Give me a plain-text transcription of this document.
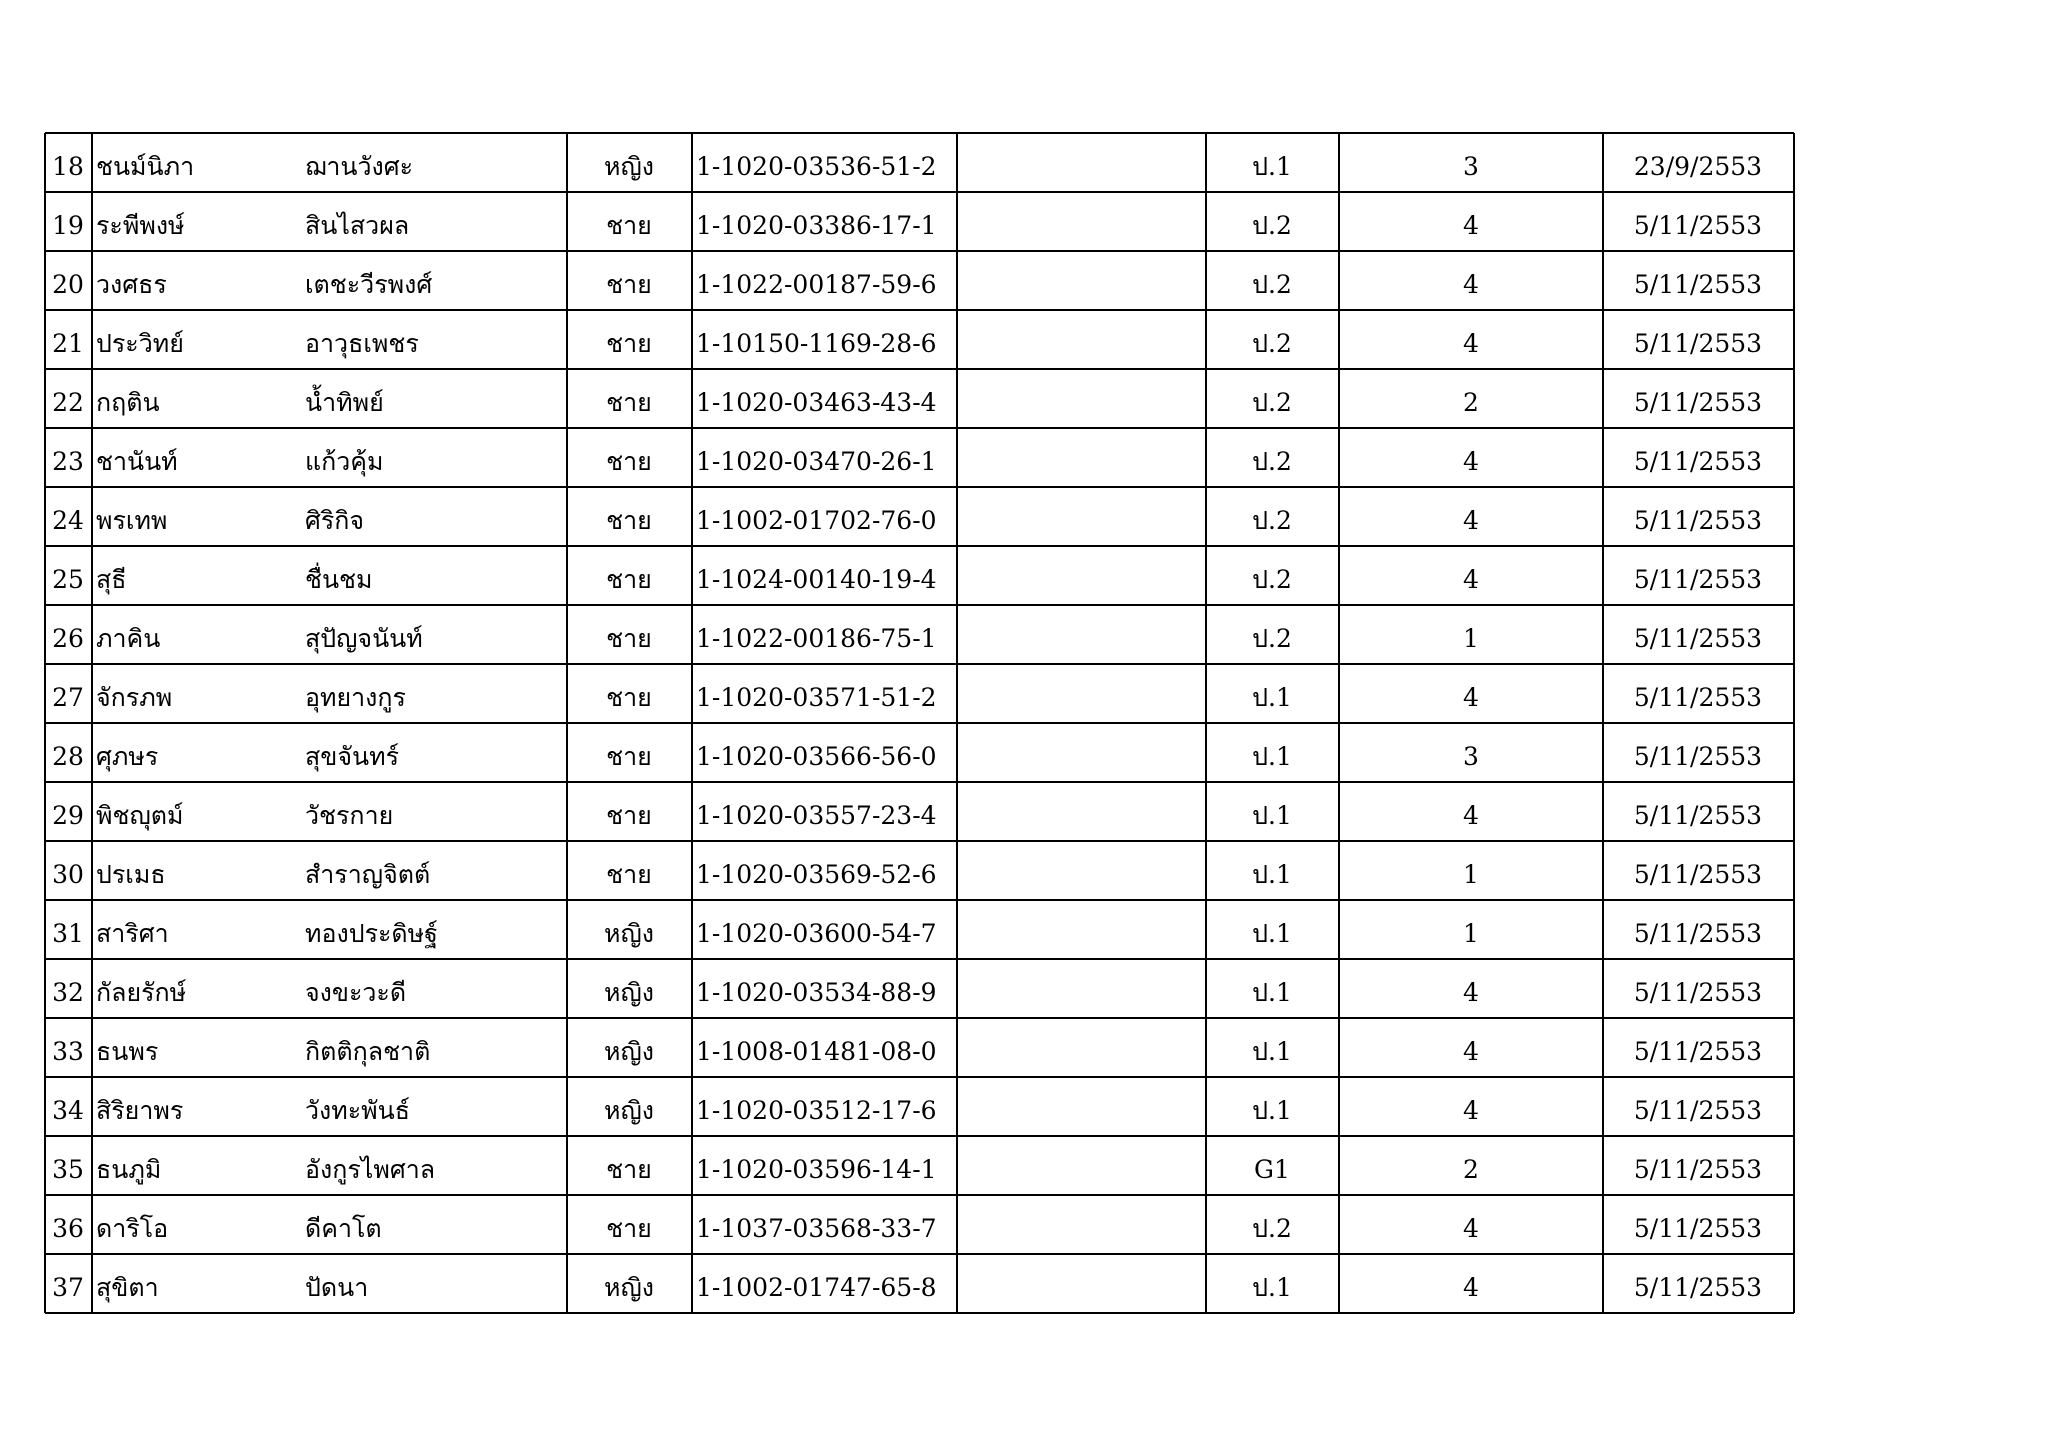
18 ชนม์นิภา	ฌานวังศะ	หญิง	1-1020-03536-51-2	ป.1	3	23/9/2553
19 ระพีพงษ์	สินไสวผล	ชาย	1-1020-03386-17-1	ป.2	4	5/11/2553
20 วงศธร	เตชะวีรพงศ์	ชาย	1-1022-00187-59-6	ป.2	4	5/11/2553
21 ประวิทย์	อาวุธเพชร	ชาย	1-10150-1169-28-6	ป.2	4	5/11/2553
22 กฤติน	น้ำทิพย์	ชาย	1-1020-03463-43-4	ป.2	2	5/11/2553
23 ชานันท์	แก้วคุ้ม	ชาย	1-1020-03470-26-1	ป.2	4	5/11/2553
24 พรเทพ	ศิริกิจ	ชาย	1-1002-01702-76-0	ป.2	4	5/11/2553
25 สุธี	ชื่นชม	ชาย	1-1024-00140-19-4	ป.2	4	5/11/2553
26 ภาคิน	สุปัญจนันท์	ชาย	1-1022-00186-75-1	ป.2	1	5/11/2553
27 จักรภพ	อุทยางกูร	ชาย	1-1020-03571-51-2	ป.1	4	5/11/2553
28 ศุภษร	สุขจันทร์	ชาย	1-1020-03566-56-0	ป.1	3	5/11/2553
29 พิชญุตม์	วัชรกาย	ชาย	1-1020-03557-23-4	ป.1	4	5/11/2553
30 ปรเมธ	สำราญจิตต์	ชาย	1-1020-03569-52-6	ป.1	1	5/11/2553
31 สาริศา	ทองประดิษฐ์	หญิง	1-1020-03600-54-7	ป.1	1	5/11/2553
32 กัลยรักษ์	จงขะวะดี	หญิง	1-1020-03534-88-9	ป.1	4	5/11/2553
33 ธนพร	กิตติกุลชาติ	หญิง	1-1008-01481-08-0	ป.1	4	5/11/2553
34 สิริยาพร	วังทะพันธ์	หญิง	1-1020-03512-17-6	ป.1	4	5/11/2553
35 ธนภูมิ	อังกูรไพศาล	ชาย	1-1020-03596-14-1	G1	2	5/11/2553
36 ดาริโอ	ดีคาโต	ชาย	1-1037-03568-33-7	ป.2	4	5/11/2553
37 สุขิตา	ปัดนา	หญิง	1-1002-01747-65-8	ป.1	4	5/11/2553
